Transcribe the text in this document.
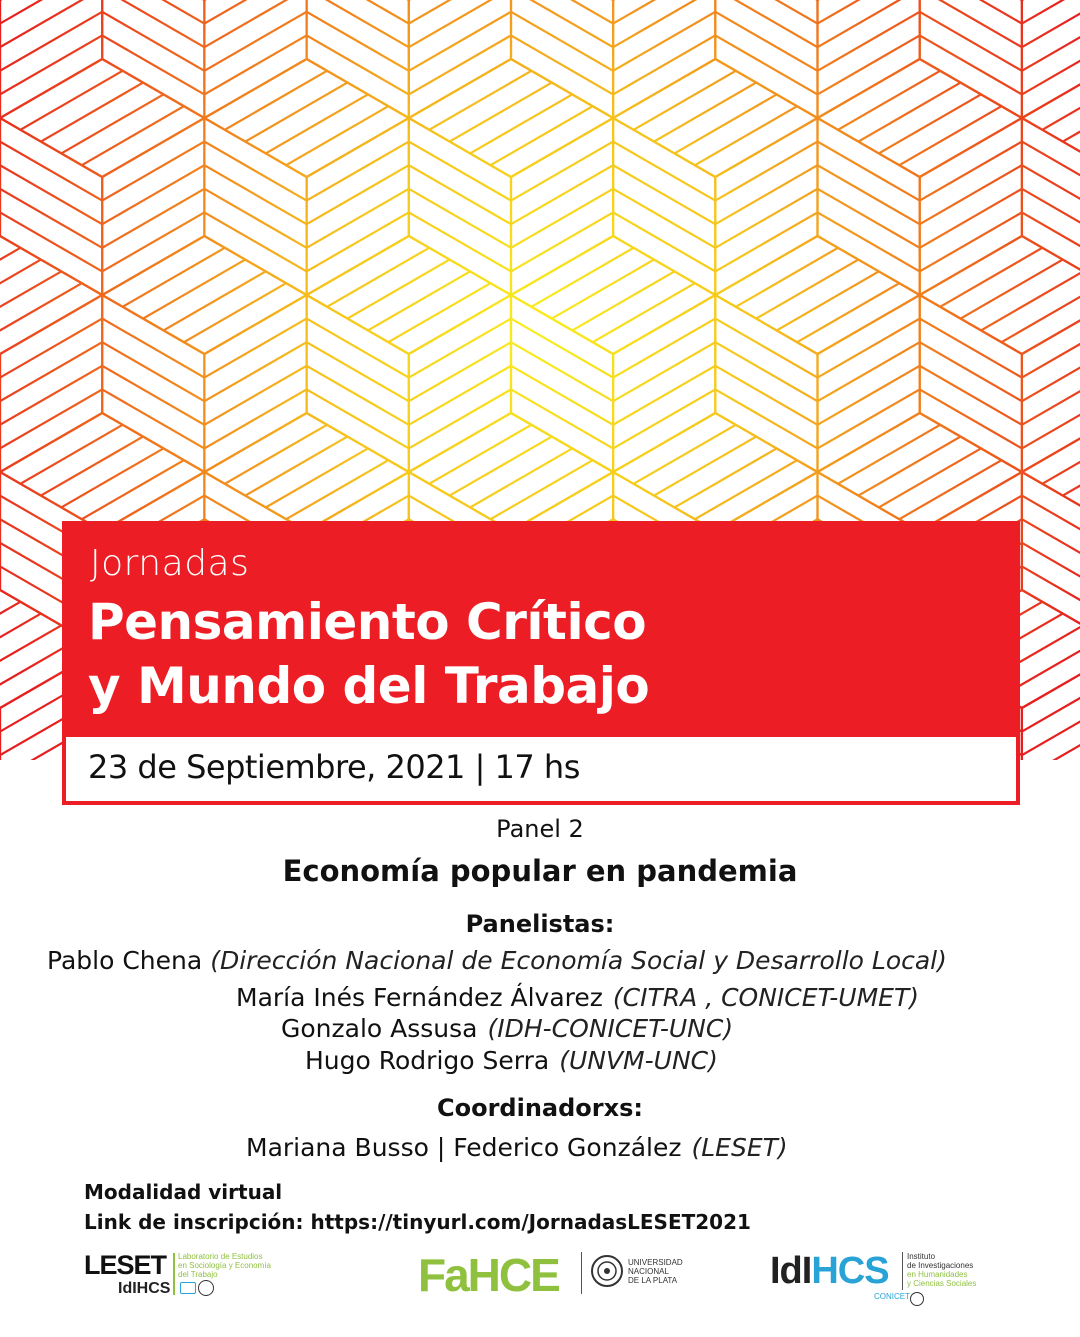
Jornadas
Pensamiento Crítico
y Mundo del Trabajo
23 de Septiembre, 2021 | 17 hs
Panel 2
Economía popular en pandemia
Panelistas:
Pablo Chena (Dirección Nacional de Economía Social y Desarrollo Local)
María Inés Fernández Álvarez (CITRA , CONICET-UMET)
Gonzalo Assusa (IDH-CONICET-UNC)
Hugo Rodrigo Serra (UNVM-UNC)
Coordinadorxs:
Mariana Busso | Federico González (LESET)
Modalidad virtual
Link de inscripción: https://tinyurl.com/JornadasLESET2021
LESET Laboratorio de Estudios
en Sociología y Economía
del Trabajo
IdIHCS	FaHCE	UNIVERSIDAD
NACIONAL
DE LA PLATA IdIHCS Instituto
de Investigaciones
en Humanidades
y Ciencias Sociales
CONICET
